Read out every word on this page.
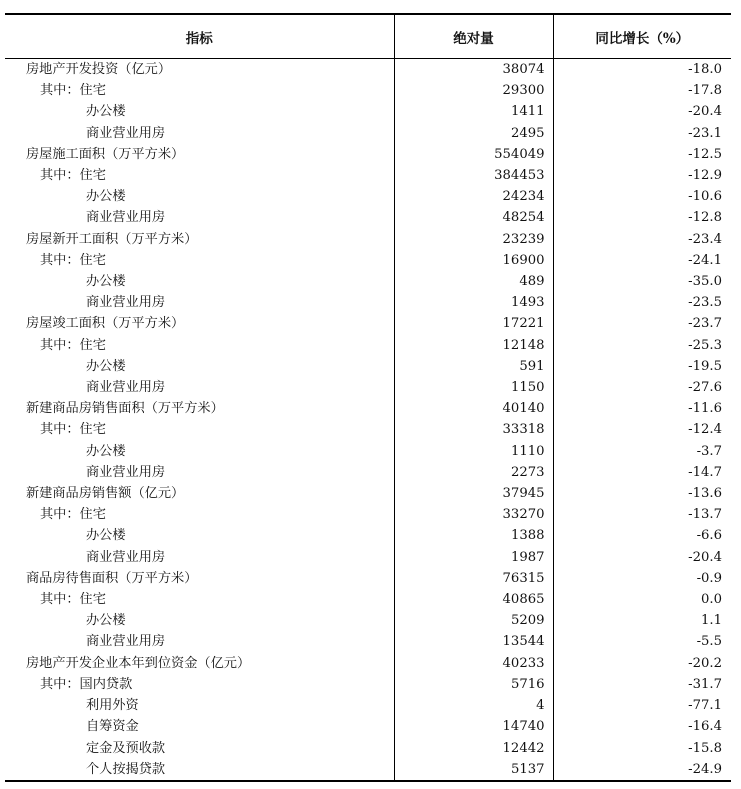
指标	绝对量	同比增长（%）
房地产开发投资（亿元）	38074	-18.0
其中：住宅	29300	-17.8
办公楼	1411	-20.4
商业营业用房	2495	-23.1
房屋施工面积（万平方米）	554049	-12.5
其中：住宅	384453	-12.9
办公楼	24234	-10.6
商业营业用房	48254	-12.8
房屋新开工面积（万平方米）	23239	-23.4
其中：住宅	16900	-24.1
办公楼	489	-35.0
商业营业用房	1493	-23.5
房屋竣工面积（万平方米）	17221	-23.7
其中：住宅	12148	-25.3
办公楼	591	-19.5
商业营业用房	1150	-27.6
新建商品房销售面积（万平方米）	40140	-11.6
其中：住宅	33318	-12.4
办公楼	1110	-3.7
商业营业用房	2273	-14.7
新建商品房销售额（亿元）	37945	-13.6
其中：住宅	33270	-13.7
办公楼	1388	-6.6
商业营业用房	1987	-20.4
商品房待售面积（万平方米）	76315	-0.9
其中：住宅	40865	0.0
办公楼	5209	1.1
商业营业用房	13544	-5.5
房地产开发企业本年到位资金（亿元）	40233	-20.2
其中：国内贷款	5716	-31.7
利用外资	4	-77.1
自筹资金	14740	-16.4
定金及预收款	12442	-15.8
个人按揭贷款	5137	-24.9
